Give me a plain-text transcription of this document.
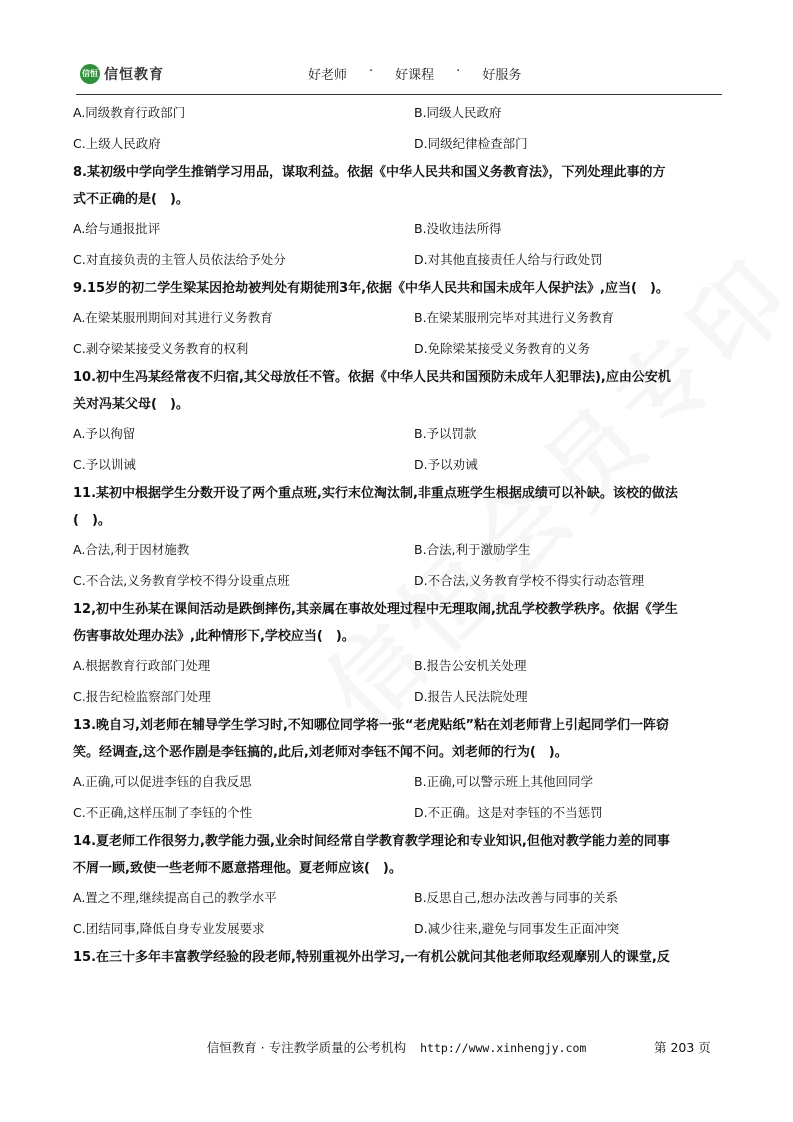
信恒 信恒教育	好老师 · 好课程 · 好服务
A.同级教育行政部门	B.同级人民政府
C.上级人民政府	D.同级纪律检查部门

8.某初级中学向学生推销学习用品，谋取利益。依据《中华人民共和国义务教育法》，下列处理此事的方

式不正确的是(　)。

A.给与通报批评	B.没收违法所得
C.对直接负责的主管人员依法给予处分	D.对其他直接责任人给与行政处罚

9.15岁的初二学生梁某因抢劫被判处有期徒刑3年,依据《中华人民共和国未成年人保护法》,应当(　)。

A.在梁某服刑期间对其进行义务教育	B.在梁某服刑完毕对其进行义务教育
C.剥夺梁某接受义务教育的权利	D.免除梁某接受义务教育的义务

10.初中生冯某经常夜不归宿,其父母放任不管。依据《中华人民共和国预防未成年人犯罪法),应由公安机

关对冯某父母(　)。

A.予以徇留	B.予以罚款
C.予以训诫	D.予以劝诫

11.某初中根据学生分数开设了两个重点班,实行末位淘汰制,非重点班学生根据成绩可以补缺。该校的做法

(　)。

A.合法,利于因材施教	B.合法,利于激励学生
C.不合法,义务教育学校不得分设重点班	D.不合法,义务教育学校不得实行动态管理

12,初中生孙某在课间活动是跌倒摔伤,其亲属在事故处理过程中无理取闹,扰乱学校教学秩序。依据《学生

伤害事故处理办法》,此种情形下,学校应当(　)。

A.根据教育行政部门处理	B.报告公安机关处理
C.报告纪检监察部门处理	D.报告人民法院处理

13.晚自习,刘老师在辅导学生学习时,不知哪位同学将一张“老虎贴纸”粘在刘老师背上引起同学们一阵窃

笑。经调查,这个恶作剧是李钰搞的,此后,刘老师对李钰不闻不问。刘老师的行为(　)。

A.正确,可以促进李钰的自我反思	B.正确,可以警示班上其他回同学
C.不正确,这样压制了李钰的个性	D.不正确。这是对李钰的不当惩罚

14.夏老师工作很努力,教学能力强,业余时间经常自学教育教学理论和专业知识,但他对教学能力差的同事

不屑一顾,致使一些老师不愿意搭理他。夏老师应该(　)。

A.置之不理,继续提高自己的教学水平	B.反思自己,想办法改善与同事的关系
C.团结同事,降低自身专业发展要求	D.减少往来,避免与同事发生正面冲突

15.在三十多年丰富教学经验的段老师,特别重视外出学习,一有机公就问其他老师取经观摩别人的课堂,反

信恒教育 · 专注教学质量的公考机构 http://www.xinhengjy.com	第 203 页
